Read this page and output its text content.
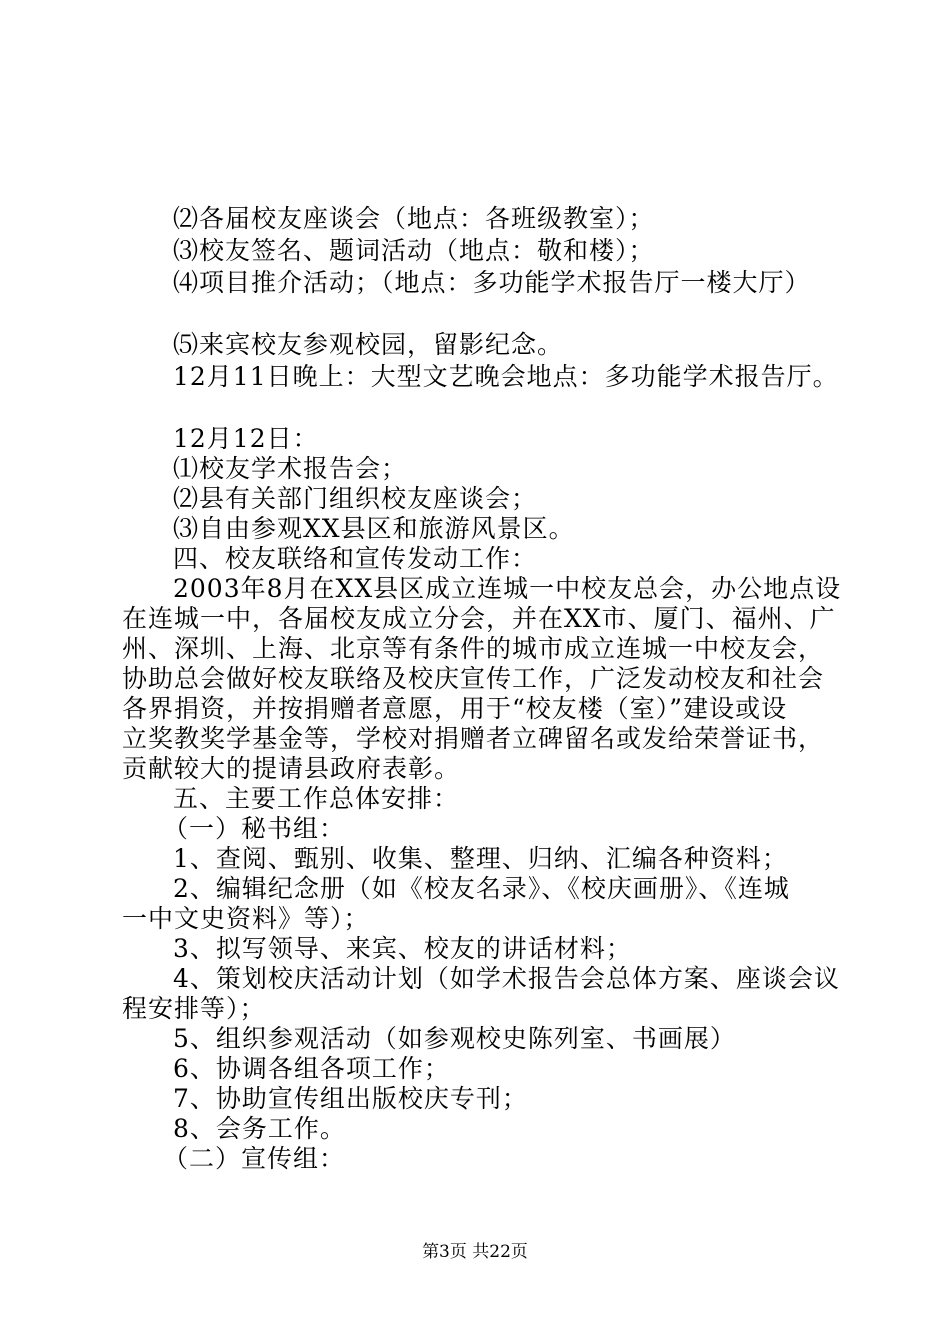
⑵各届校友座谈会（地点：各班级教室）；
⑶校友签名、题词活动（地点：敬和楼）；
⑷项目推介活动；（地点：多功能学术报告厅一楼大厅）
⑸来宾校友参观校园，留影纪念。
12月11日晚上：大型文艺晚会地点：多功能学术报告厅。
12月12日：
⑴校友学术报告会；
⑵县有关部门组织校友座谈会；
⑶自由参观XX县区和旅游风景区。
四、校友联络和宣传发动工作：
2003年8月在XX县区成立连城一中校友总会，办公地点设
在连城一中，各届校友成立分会，并在XX市、厦门、福州、广
州、深圳、上海、北京等有条件的城市成立连城一中校友会，
协助总会做好校友联络及校庆宣传工作，广泛发动校友和社会
各界捐资，并按捐赠者意愿，用于“校友楼（室）”建设或设
立奖教奖学基金等，学校对捐赠者立碑留名或发给荣誉证书，
贡献较大的提请县政府表彰。
五、主要工作总体安排：
（一）秘书组：
1、查阅、甄别、收集、整理、归纳、汇编各种资料；
2、编辑纪念册（如《校友名录》、《校庆画册》、《连城
一中文史资料》等）；
3、拟写领导、来宾、校友的讲话材料；
4、策划校庆活动计划（如学术报告会总体方案、座谈会议
程安排等）；
5、组织参观活动（如参观校史陈列室、书画展）
6、协调各组各项工作；
7、协助宣传组出版校庆专刊；
8、会务工作。
（二）宣传组：
第3页 共22页
